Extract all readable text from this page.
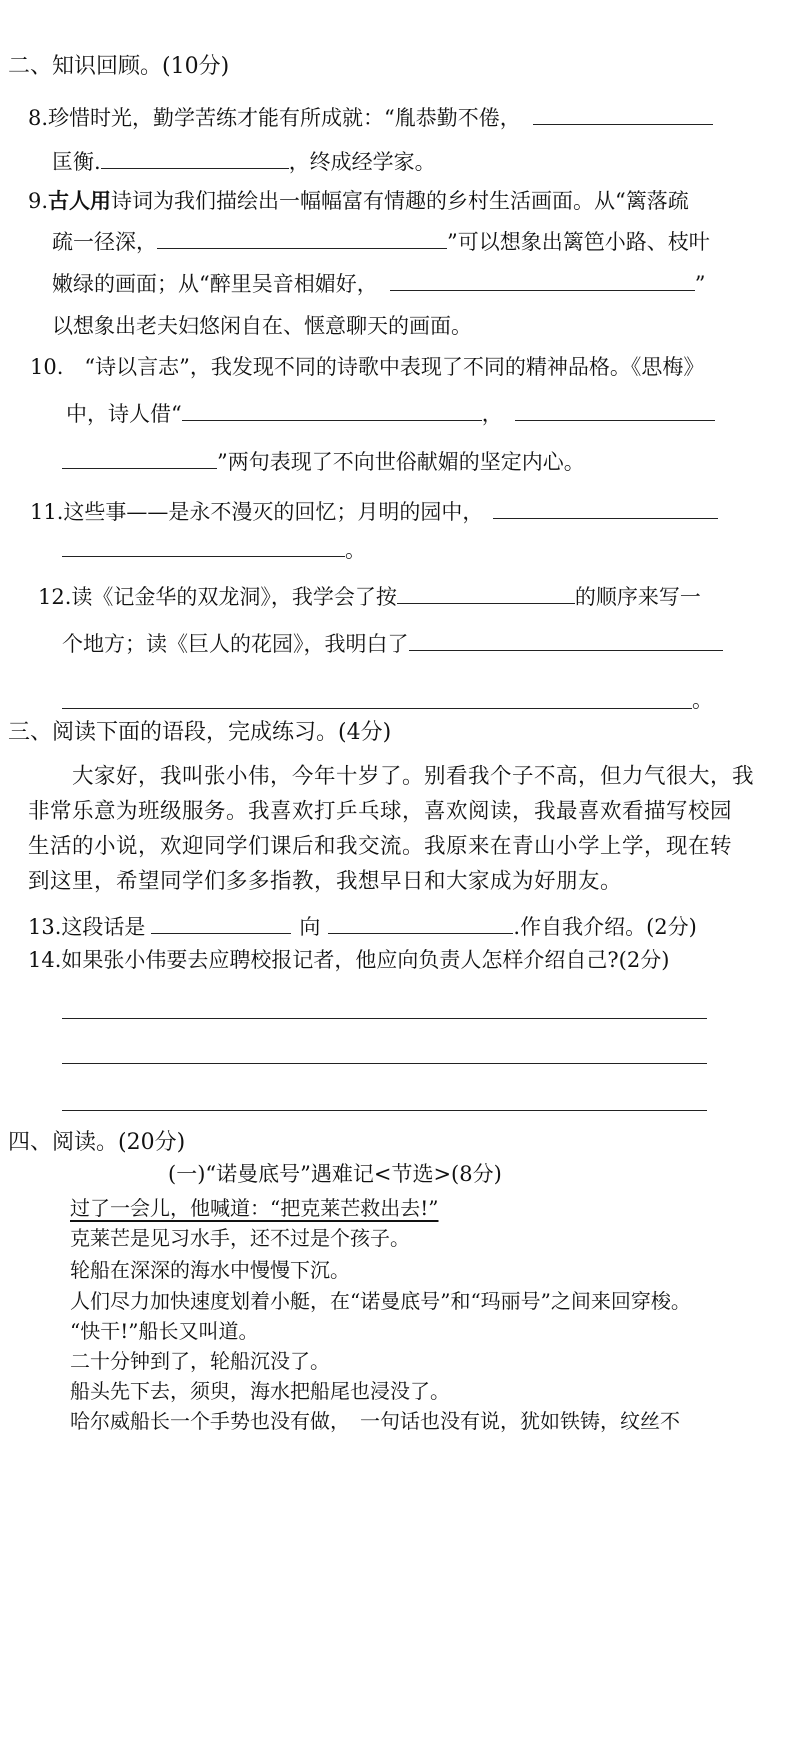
二、知识回顾。(10分)
8.珍惜时光，勤学苦练才能有所成就：“胤恭勤不倦，
匡衡.	，终成经学家。
9.古人用诗词为我们描绘出一幅幅富有情趣的乡村生活画面。从“篱落疏
疏一径深，	”可以想象出篱笆小路、枝叶
嫩绿的画面；从“醉里吴音相媚好，	”
以想象出老夫妇悠闲自在、惬意聊天的画面。
10.　“诗以言志”，我发现不同的诗歌中表现了不同的精神品格。《思梅》
中，诗人借“	，
”两句表现了不向世俗献媚的坚定内心。
11.这些事——是永不漫灭的回忆；月明的园中，
。
12.读《记金华的双龙洞》，我学会了按	的顺序来写一
个地方；读《巨人的花园》，我明白了
。
三、阅读下面的语段，完成练习。(4分)
大家好，我叫张小伟，今年十岁了。别看我个子不高，但力气很大，我
非常乐意为班级服务。我喜欢打乒乓球，喜欢阅读，我最喜欢看描写校园
生活的小说，欢迎同学们课后和我交流。我原来在青山小学上学，现在转
到这里，希望同学们多多指教，我想早日和大家成为好朋友。
13.这段话是	向	.作自我介绍。(2分)
14.如果张小伟要去应聘校报记者，他应向负责人怎样介绍自己?(2分)
四、阅读。(20分)
(一)“诺曼底号”遇难记<节选>(8分)
过了一会儿，他喊道：“把克莱芒救出去!”
克莱芒是见习水手，还不过是个孩子。
轮船在深深的海水中慢慢下沉。
人们尽力加快速度划着小艇，在“诺曼底号”和“玛丽号”之间来回穿梭。
“快干!”船长又叫道。
二十分钟到了，轮船沉没了。
船头先下去，须臾，海水把船尾也浸没了。
哈尔威船长一个手势也没有做，　一句话也没有说，犹如铁铸，纹丝不
